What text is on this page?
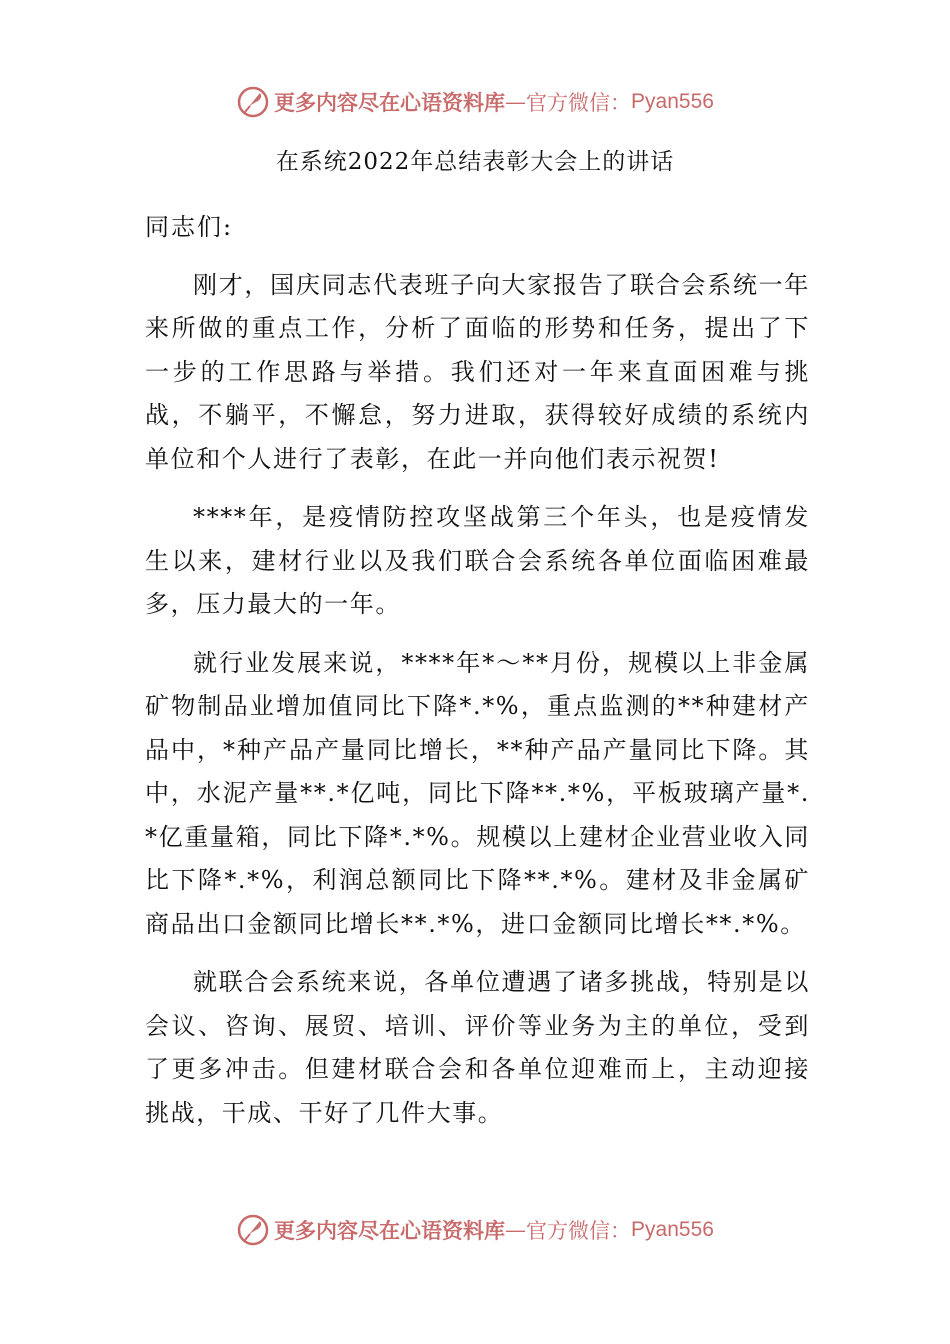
更多内容尽在心语资料库 — 官方微信： Pyan556
在系统2022年总结表彰大会上的讲话

同志们:

刚才，国庆同志代表班子向大家报告了联合会系统一年来所做的重点工作，分析了面临的形势和任务，提出了下一步的工作思路与举措。我们还对一年来直面困难与挑战，不躺平，不懈怠，努力进取，获得较好成绩的系统内单位和个人进行了表彰，在此一并向他们表示祝贺!

****年，是疫情防控攻坚战第三个年头，也是疫情发生以来，建材行业以及我们联合会系统各单位面临困难最多，压力最大的一年。

就行业发展来说，****年*～**月份，规模以上非金属矿物制品业增加值同比下降*.*%，重点监测的**种建材产品中，*种产品产量同比增长，**种产品产量同比下降。其中，水泥产量**.*亿吨，同比下降**.*%，平板玻璃产量*.*亿重量箱，同比下降*.*%。规模以上建材企业营业收入同比下降*.*%，利润总额同比下降**.*%。建材及非金属矿商品出口金额同比增长**.*%，进口金额同比增长**.*%。

就联合会系统来说，各单位遭遇了诸多挑战，特别是以会议、咨询、展贸、培训、评价等业务为主的单位，受到了更多冲击。但建材联合会和各单位迎难而上，主动迎接挑战，干成、干好了几件大事。

更多内容尽在心语资料库 — 官方微信： Pyan556
